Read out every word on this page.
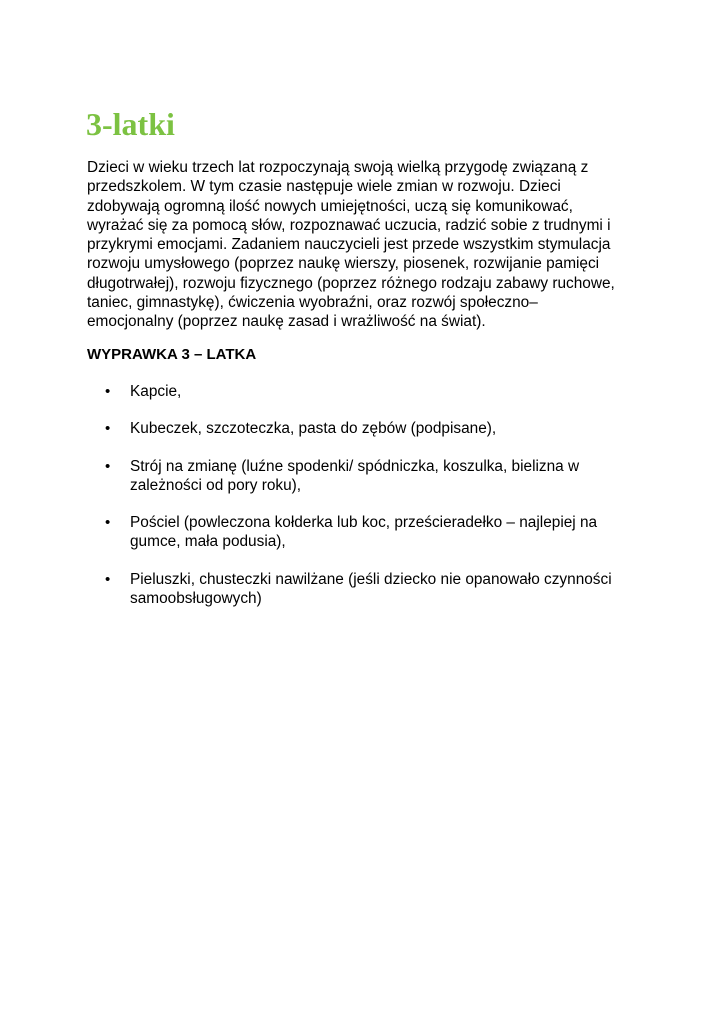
3-latki

Dzieci w wieku trzech lat rozpoczynają swoją wielką przygodę związaną z
przedszkolem. W tym czasie następuje wiele zmian w rozwoju. Dzieci
zdobywają ogromną ilość nowych umiejętności, uczą się komunikować,
wyrażać się za pomocą słów, rozpoznawać uczucia, radzić sobie z trudnymi i
przykrymi emocjami. Zadaniem nauczycieli jest przede wszystkim stymulacja
rozwoju umysłowego (poprzez naukę wierszy, piosenek, rozwijanie pamięci
długotrwałej), rozwoju fizycznego (poprzez różnego rodzaju zabawy ruchowe,
taniec, gimnastykę), ćwiczenia wyobraźni, oraz rozwój społeczno–
emocjonalny (poprzez naukę zasad i wrażliwość na świat).

WYPRAWKA 3 – LATKA
• Kapcie,
• Kubeczek, szczoteczka, pasta do zębów (podpisane),
• Strój na zmianę (luźne spodenki/ spódniczka, koszulka, bielizna w
zależności od pory roku),
• Pościel (powleczona kołderka lub koc, prześcieradełko – najlepiej na
gumce, mała podusia),
• Pieluszki, chusteczki nawilżane (jeśli dziecko nie opanowało czynności
samoobsługowych)
